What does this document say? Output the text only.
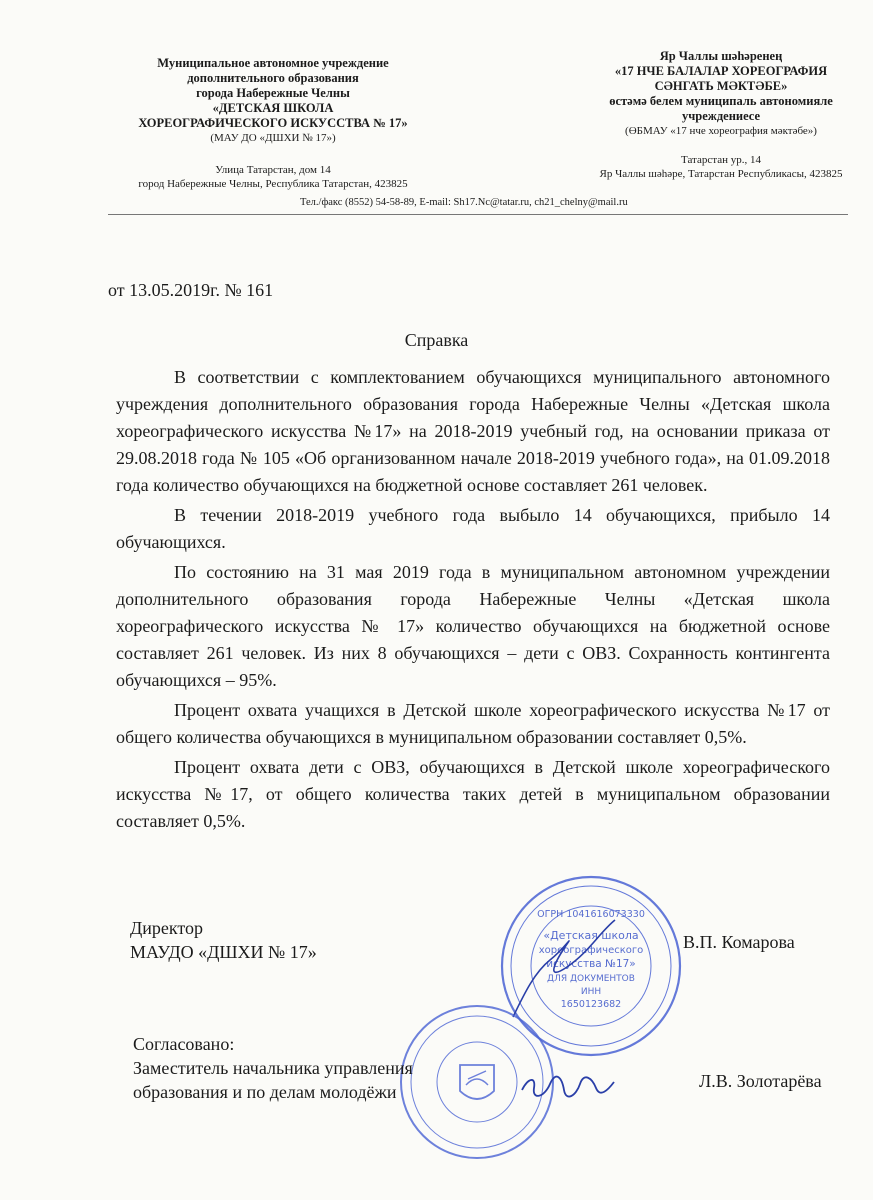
Муниципальное автономное учреждение
дополнительного образования
города Набережные Челны
«ДЕТСКАЯ ШКОЛА
ХОРЕОГРАФИЧЕСКОГО ИСКУССТВА № 17»
(МАУ ДО «ДШХИ № 17»)
Улица Татарстан, дом 14
город Набережные Челны, Республика Татарстан, 423825
Яр Чаллы шәһәренең
«17 НЧЕ БАЛАЛАР ХОРЕОГРАФИЯ
СӘНГАТЬ МӘКТӘБЕ»
өстәмә белем муниципаль автономияле
учреждениесе
(ӨБМАУ «17 нче хореография мәктәбе»)
Татарстан ур., 14
Яр Чаллы шәһәре, Татарстан Республикасы, 423825
Тел./факс (8552) 54-58-89, E-mail: Sh17.Nc@tatar.ru, ch21_chelny@mail.ru
от 13.05.2019г. № 161
Справка

В соответствии с комплектованием обучающихся муниципального автономного учреждения дополнительного образования города Набережные Челны «Детская школа хореографического искусства №17» на 2018-2019 учебный год, на основании приказа от 29.08.2018 года № 105 «Об организованном начале 2018-2019 учебного года», на 01.09.2018 года количество обучающихся на бюджетной основе составляет 261 человек.

В течении 2018-2019 учебного года выбыло 14 обучающихся, прибыло 14 обучающихся.

По состоянию на 31 мая 2019 года в муниципальном автономном учреждении дополнительного образования города Набережные Челны «Детская школа хореографического искусства № 17» количество обучающихся на бюджетной основе составляет 261 человек. Из них 8 обучающихся – дети с ОВЗ. Сохранность контингента обучающихся – 95%.

Процент охвата учащихся в Детской школе хореографического искусства №17 от общего количества обучающихся в муниципальном образовании составляет 0,5%.

Процент охвата дети с ОВЗ, обучающихся в Детской школе хореографического искусства №17, от общего количества таких детей в муниципальном образовании составляет 0,5%.

ОГРН 1041616073330
«Детская школа
хореографического
искусства №17»
ДЛЯ ДОКУМЕНТОВ
ИНН
1650123682
Директор
МАУДО «ДШХИ № 17»	В.П. Комарова
Согласовано:
Заместитель начальника управления
образования и по делам молодёжи
Л.В. Золотарёва
